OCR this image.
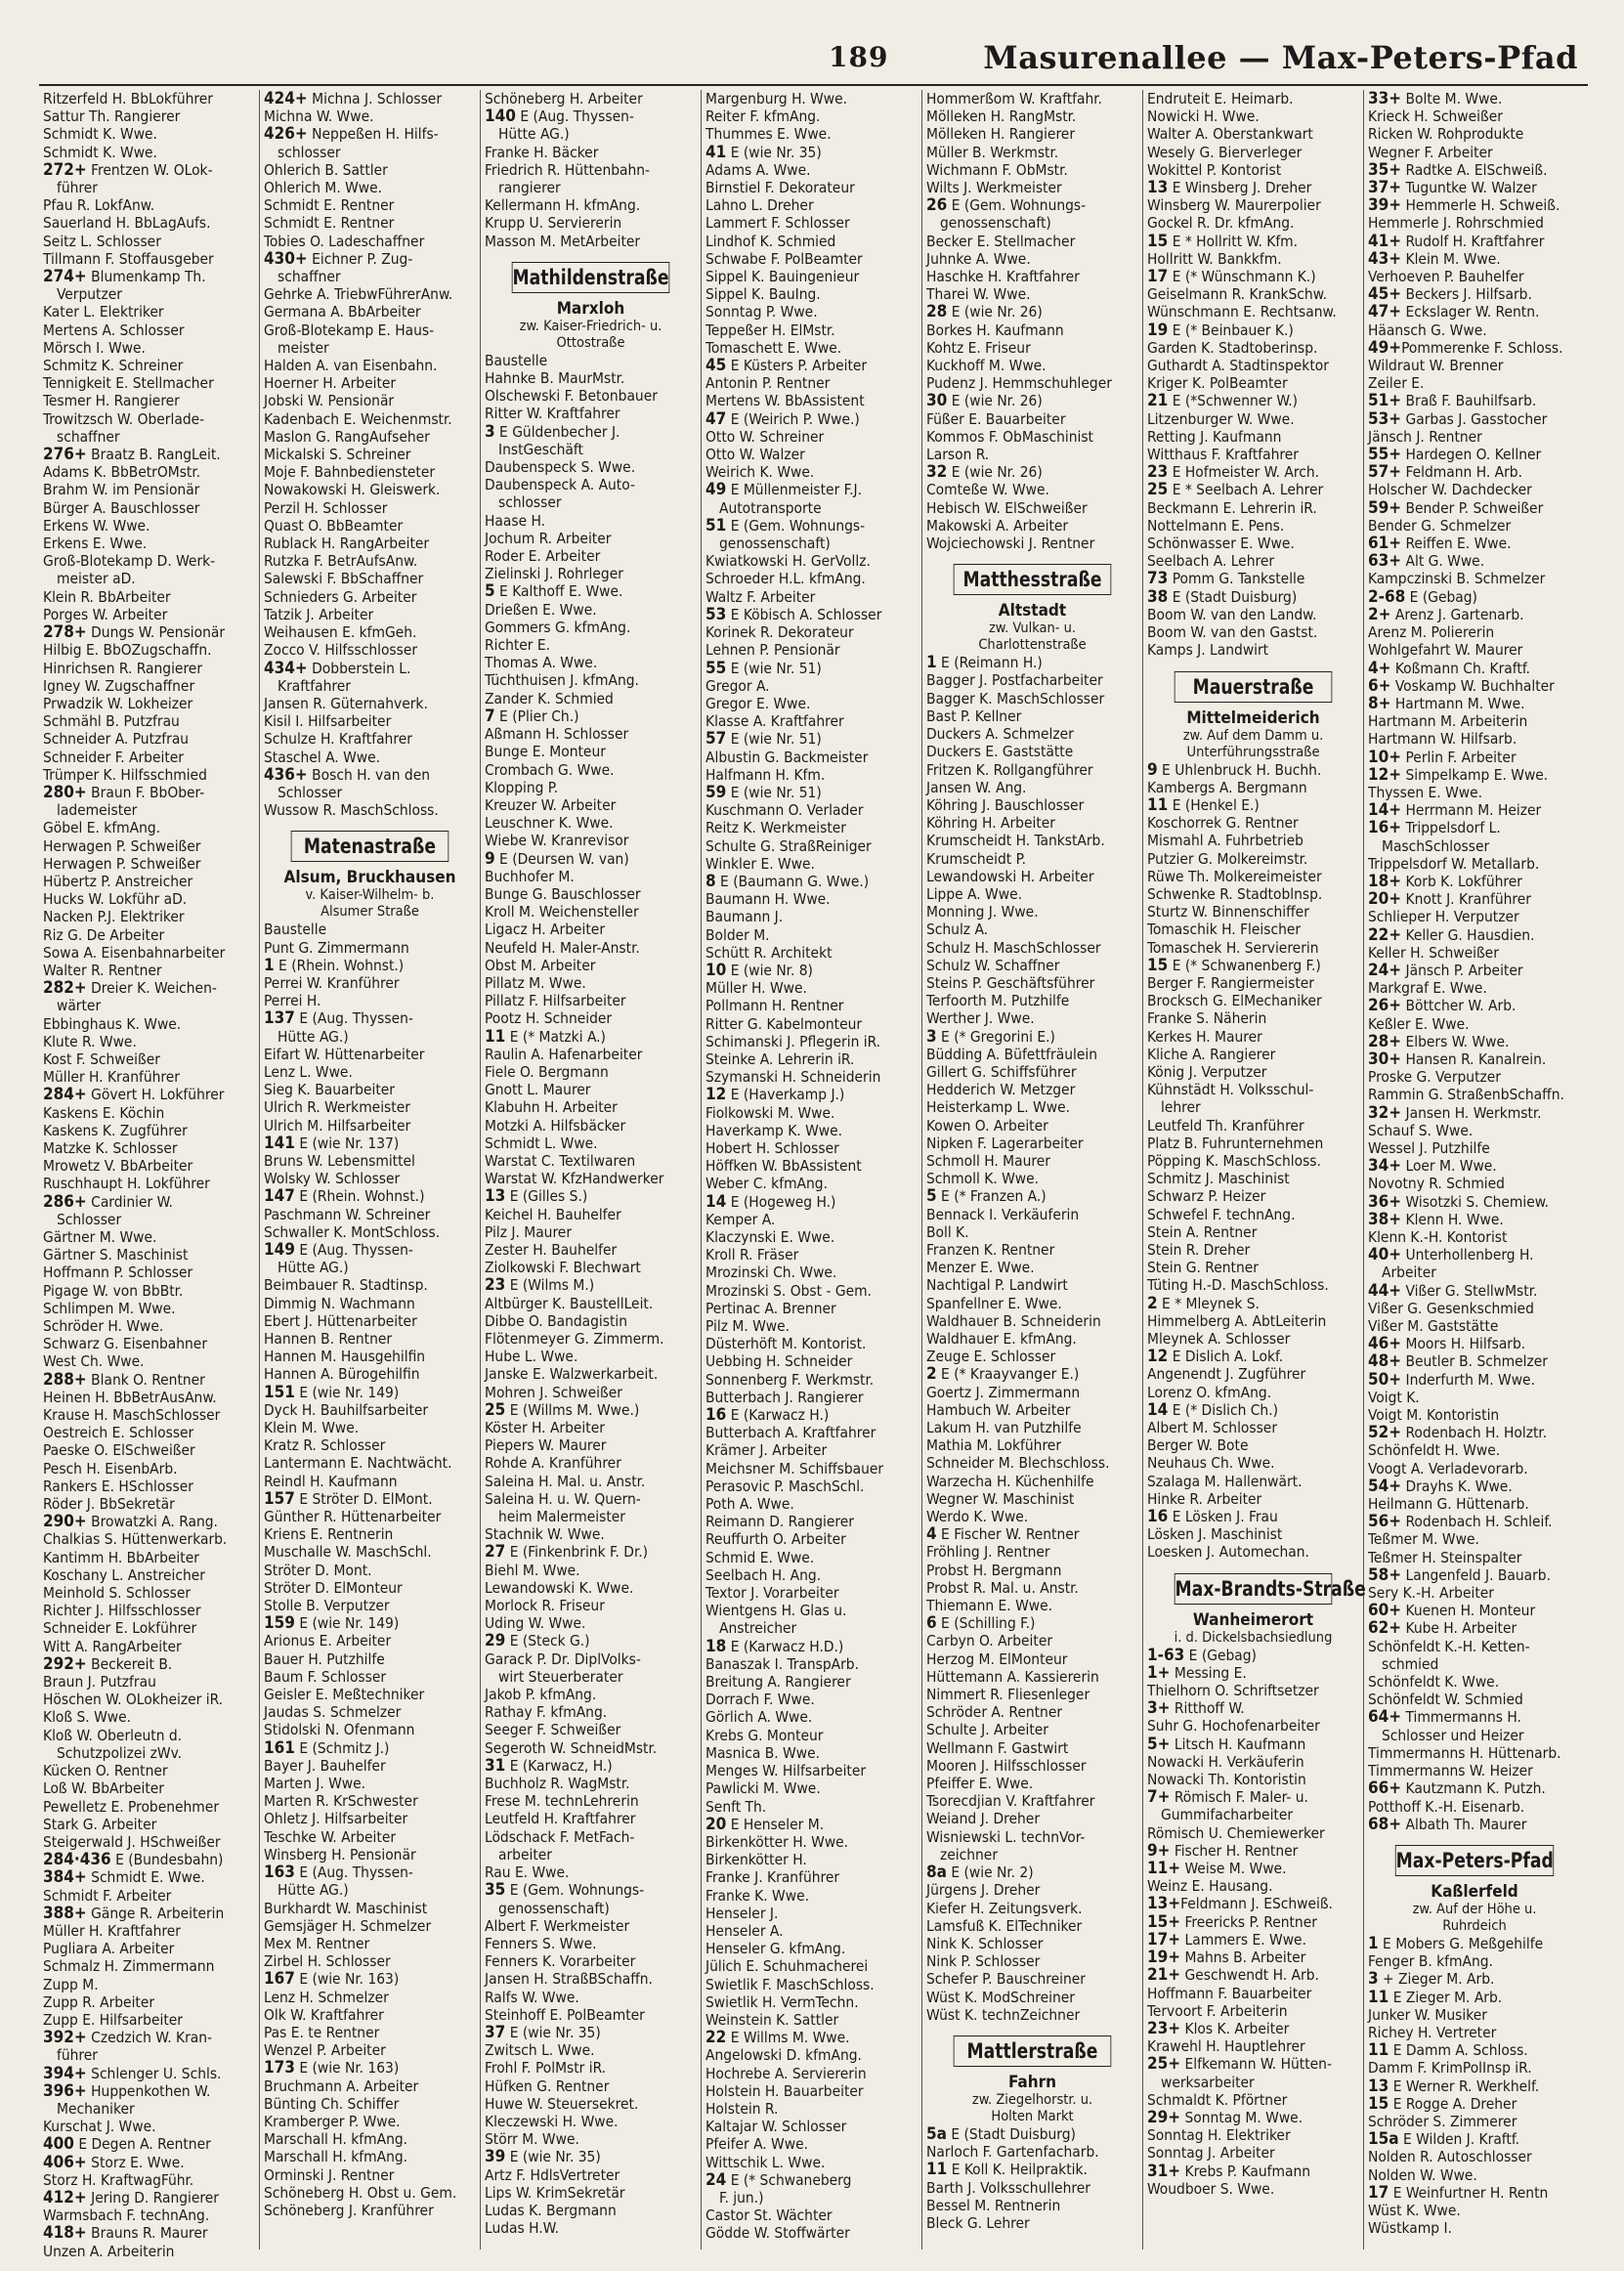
189	Masurenallee — Max-Peters-Pfad
Ritzerfeld H. BbLokführer
Sattur Th. Rangierer
Schmidt K. Wwe.
Schmidt K. Wwe.
272+ Frentzen W. OLok-
führer
Pfau R. LokfAnw.
Sauerland H. BbLagAufs.
Seitz L. Schlosser
Tillmann F. Stoffausgeber
274+ Blumenkamp Th.
Verputzer
Kater L. Elektriker
Mertens A. Schlosser
Mörsch I. Wwe.
Schmitz K. Schreiner
Tennigkeit E. Stellmacher
Tesmer H. Rangierer
Trowitzsch W. Oberlade-
schaffner
276+ Braatz B. RangLeit.
Adams K. BbBetrOMstr.
Brahm W. im Pensionär
Bürger A. Bauschlosser
Erkens W. Wwe.
Erkens E. Wwe.
Groß-Blotekamp D. Werk-
meister aD.
Klein R. BbArbeiter
Porges W. Arbeiter
278+ Dungs W. Pensionär
Hilbig E. BbOZugschaffn.
Hinrichsen R. Rangierer
Igney W. Zugschaffner
Prwadzik W. Lokheizer
Schmähl B. Putzfrau
Schneider A. Putzfrau
Schneider F. Arbeiter
Trümper K. Hilfsschmied
280+ Braun F. BbOber-
lademeister
Göbel E. kfmAng.
Herwagen P. Schweißer
Herwagen P. Schweißer
Hübertz P. Anstreicher
Hucks W. Lokführ aD.
Nacken P.J. Elektriker
Riz G. De Arbeiter
Sowa A. Eisenbahnarbeiter
Walter R. Rentner
282+ Dreier K. Weichen-
wärter
Ebbinghaus K. Wwe.
Klute R. Wwe.
Kost F. Schweißer
Müller H. Kranführer
284+ Gövert H. Lokführer
Kaskens E. Köchin
Kaskens K. Zugführer
Matzke K. Schlosser
Mrowetz V. BbArbeiter
Ruschhaupt H. Lokführer
286+ Cardinier W.
Schlosser
Gärtner M. Wwe.
Gärtner S. Maschinist
Hoffmann P. Schlosser
Pigage W. von BbBtr.
Schlimpen M. Wwe.
Schröder H. Wwe.
Schwarz G. Eisenbahner
West Ch. Wwe.
288+ Blank O. Rentner
Heinen H. BbBetrAusAnw.
Krause H. MaschSchlosser
Oestreich E. Schlosser
Paeske O. ElSchweißer
Pesch H. EisenbArb.
Rankers E. HSchlosser
Röder J. BbSekretär
290+ Browatzki A. Rang.
Chalkias S. Hüttenwerkarb.
Kantimm H. BbArbeiter
Koschany L. Anstreicher
Meinhold S. Schlosser
Richter J. Hilfsschlosser
Schneider E. Lokführer
Witt A. RangArbeiter
292+ Beckereit B.
Braun J. Putzfrau
Höschen W. OLokheizer iR.
Kloß S. Wwe.
Kloß W. Oberleutn d.
Schutzpolizei zWv.
Kücken O. Rentner
Loß W. BbArbeiter
Pewelletz E. Probenehmer
Stark G. Arbeiter
Steigerwald J. HSchweißer
284·436 E (Bundesbahn)
384+ Schmidt E. Wwe.
Schmidt F. Arbeiter
388+ Gänge R. Arbeiterin
Müller H. Kraftfahrer
Pugliara A. Arbeiter
Schmalz H. Zimmermann
Zupp M.
Zupp R. Arbeiter
Zupp E. Hilfsarbeiter
392+ Czedzich W. Kran-
führer
394+ Schlenger U. Schls.
396+ Huppenkothen W.
Mechaniker
Kurschat J. Wwe.
400 E Degen A. Rentner
406+ Storz E. Wwe.
Storz H. KraftwagFühr.
412+ Jering D. Rangierer
Warmsbach F. technAng.
418+ Brauns R. Maurer
Unzen A. Arbeiterin
424+ Michna J. Schlosser
Michna W. Wwe.
426+ Neppeßen H. Hilfs-
schlosser
Ohlerich B. Sattler
Ohlerich M. Wwe.
Schmidt E. Rentner
Schmidt E. Rentner
Tobies O. Ladeschaffner
430+ Eichner P. Zug-
schaffner
Gehrke A. TriebwFührerAnw.
Germana A. BbArbeiter
Groß-Blotekamp E. Haus-
meister
Halden A. van Eisenbahn.
Hoerner H. Arbeiter
Jobski W. Pensionär
Kadenbach E. Weichenmstr.
Maslon G. RangAufseher
Mickalski S. Schreiner
Moje F. Bahnbediensteter
Nowakowski H. Gleiswerk.
Perzil H. Schlosser
Quast O. BbBeamter
Rublack H. RangArbeiter
Rutzka F. BetrAufsAnw.
Salewski F. BbSchaffner
Schnieders G. Arbeiter
Tatzik J. Arbeiter
Weihausen E. kfmGeh.
Zocco V. Hilfsschlosser
434+ Dobberstein L.
Kraftfahrer
Jansen R. Güternahverk.
Kisil I. Hilfsarbeiter
Schulze H. Kraftfahrer
Staschel A. Wwe.
436+ Bosch H. van den
Schlosser
Wussow R. MaschSchloss.
Matenastraße
Alsum, Bruckhausen
v. Kaiser-Wilhelm- b.
Alsumer Straße
Baustelle
Punt G. Zimmermann
1 E (Rhein. Wohnst.)
Perrei W. Kranführer
Perrei H.
137 E (Aug. Thyssen-
Hütte AG.)
Eifart W. Hüttenarbeiter
Lenz L. Wwe.
Sieg K. Bauarbeiter
Ulrich R. Werkmeister
Ulrich M. Hilfsarbeiter
141 E (wie Nr. 137)
Bruns W. Lebensmittel
Wolsky W. Schlosser
147 E (Rhein. Wohnst.)
Paschmann W. Schreiner
Schwaller K. MontSchloss.
149 E (Aug. Thyssen-
Hütte AG.)
Beimbauer R. Stadtinsp.
Dimmig N. Wachmann
Ebert J. Hüttenarbeiter
Hannen B. Rentner
Hannen M. Hausgehilfin
Hannen A. Bürogehilfin
151 E (wie Nr. 149)
Dyck H. Bauhilfsarbeiter
Klein M. Wwe.
Kratz R. Schlosser
Lantermann E. Nachtwächt.
Reindl H. Kaufmann
157 E Ströter D. ElMont.
Günther R. Hüttenarbeiter
Kriens E. Rentnerin
Muschalle W. MaschSchl.
Ströter D. Mont.
Ströter D. ElMonteur
Stolle B. Verputzer
159 E (wie Nr. 149)
Arionus E. Arbeiter
Bauer H. Putzhilfe
Baum F. Schlosser
Geisler E. Meßtechniker
Jaudas S. Schmelzer
Stidolski N. Ofenmann
161 E (Schmitz J.)
Bayer J. Bauhelfer
Marten J. Wwe.
Marten R. KrSchwester
Ohletz J. Hilfsarbeiter
Teschke W. Arbeiter
Winsberg H. Pensionär
163 E (Aug. Thyssen-
Hütte AG.)
Burkhardt W. Maschinist
Gemsjäger H. Schmelzer
Mex M. Rentner
Zirbel H. Schlosser
167 E (wie Nr. 163)
Lenz H. Schmelzer
Olk W. Kraftfahrer
Pas E. te Rentner
Wenzel P. Arbeiter
173 E (wie Nr. 163)
Bruchmann A. Arbeiter
Bünting Ch. Schiffer
Kramberger P. Wwe.
Marschall H. kfmAng.
Marschall H. kfmAng.
Orminski J. Rentner
Schöneberg H. Obst u. Gem.
Schöneberg J. Kranführer
Schöneberg H. Arbeiter
140 E (Aug. Thyssen-
Hütte AG.)
Franke H. Bäcker
Friedrich R. Hüttenbahn-
rangierer
Kellermann H. kfmAng.
Krupp U. Serviererin
Masson M. MetArbeiter
Mathildenstraße
Marxloh
zw. Kaiser-Friedrich- u.
Ottostraße
Baustelle
Hahnke B. MaurMstr.
Olschewski F. Betonbauer
Ritter W. Kraftfahrer
3 E Güldenbecher J.
InstGeschäft
Daubenspeck S. Wwe.
Daubenspeck A. Auto-
schlosser
Haase H.
Jochum R. Arbeiter
Roder E. Arbeiter
Zielinski J. Rohrleger
5 E Kalthoff E. Wwe.
Drießen E. Wwe.
Gommers G. kfmAng.
Richter E.
Thomas A. Wwe.
Tüchthuisen J. kfmAng.
Zander K. Schmied
7 E (Plier Ch.)
Aßmann H. Schlosser
Bunge E. Monteur
Crombach G. Wwe.
Klopping P.
Kreuzer W. Arbeiter
Leuschner K. Wwe.
Wiebe W. Kranrevisor
9 E (Deursen W. van)
Buchhofer M.
Bunge G. Bauschlosser
Kroll M. Weichensteller
Ligacz H. Arbeiter
Neufeld H. Maler-Anstr.
Obst M. Arbeiter
Pillatz M. Wwe.
Pillatz F. Hilfsarbeiter
Pootz H. Schneider
11 E (* Matzki A.)
Raulin A. Hafenarbeiter
Fiele O. Bergmann
Gnott L. Maurer
Klabuhn H. Arbeiter
Motzki A. Hilfsbäcker
Schmidt L. Wwe.
Warstat C. Textilwaren
Warstat W. KfzHandwerker
13 E (Gilles S.)
Keichel H. Bauhelfer
Pilz J. Maurer
Zester H. Bauhelfer
Ziolkowski F. Blechwart
23 E (Wilms M.)
Altbürger K. BaustellLeit.
Dibbe O. Bandagistin
Flötenmeyer G. Zimmerm.
Hube L. Wwe.
Janske E. Walzwerkarbeit.
Mohren J. Schweißer
25 E (Willms M. Wwe.)
Köster H. Arbeiter
Piepers W. Maurer
Rohde A. Kranführer
Saleina H. Mal. u. Anstr.
Saleina H. u. W. Quern-
heim Malermeister
Stachnik W. Wwe.
27 E (Finkenbrink F. Dr.)
Biehl M. Wwe.
Lewandowski K. Wwe.
Morlock R. Friseur
Uding W. Wwe.
29 E (Steck G.)
Garack P. Dr. DiplVolks-
wirt Steuerberater
Jakob P. kfmAng.
Rathay F. kfmAng.
Seeger F. Schweißer
Segeroth W. SchneidMstr.
31 E (Karwacz, H.)
Buchholz R. WagMstr.
Frese M. technLehrerin
Leutfeld H. Kraftfahrer
Lödschack F. MetFach-
arbeiter
Rau E. Wwe.
35 E (Gem. Wohnungs-
genossenschaft)
Albert F. Werkmeister
Fenners S. Wwe.
Fenners K. Vorarbeiter
Jansen H. StraßBSchaffn.
Ralfs W. Wwe.
Steinhoff E. PolBeamter
37 E (wie Nr. 35)
Zwitsch L. Wwe.
Frohl F. PolMstr iR.
Hüfken G. Rentner
Huwe W. Steuersekret.
Kleczewski H. Wwe.
Störr M. Wwe.
39 E (wie Nr. 35)
Artz F. HdlsVertreter
Lips W. KrimSekretär
Ludas K. Bergmann
Ludas H.W.
Margenburg H. Wwe.
Reiter F. kfmAng.
Thummes E. Wwe.
41 E (wie Nr. 35)
Adams A. Wwe.
Birnstiel F. Dekorateur
Lahno L. Dreher
Lammert F. Schlosser
Lindhof K. Schmied
Schwabe F. PolBeamter
Sippel K. Bauingenieur
Sippel K. BauIng.
Sonntag P. Wwe.
Teppeßer H. ElMstr.
Tomaschett E. Wwe.
45 E Küsters P. Arbeiter
Antonin P. Rentner
Mertens W. BbAssistent
47 E (Weirich P. Wwe.)
Otto W. Schreiner
Otto W. Walzer
Weirich K. Wwe.
49 E Müllenmeister F.J.
Autotransporte
51 E (Gem. Wohnungs-
genossenschaft)
Kwiatkowski H. GerVollz.
Schroeder H.L. kfmAng.
Waltz F. Arbeiter
53 E Köbisch A. Schlosser
Korinek R. Dekorateur
Lehnen P. Pensionär
55 E (wie Nr. 51)
Gregor A.
Gregor E. Wwe.
Klasse A. Kraftfahrer
57 E (wie Nr. 51)
Albustin G. Backmeister
Halfmann H. Kfm.
59 E (wie Nr. 51)
Kuschmann O. Verlader
Reitz K. Werkmeister
Schulte G. StraßReiniger
Winkler E. Wwe.
8 E (Baumann G. Wwe.)
Baumann H. Wwe.
Baumann J.
Bolder M.
Schütt R. Architekt
10 E (wie Nr. 8)
Müller H. Wwe.
Pollmann H. Rentner
Ritter G. Kabelmonteur
Schimanski J. Pflegerin iR.
Steinke A. Lehrerin iR.
Szymanski H. Schneiderin
12 E (Haverkamp J.)
Fiolkowski M. Wwe.
Haverkamp K. Wwe.
Hobert H. Schlosser
Höffken W. BbAssistent
Weber C. kfmAng.
14 E (Hogeweg H.)
Kemper A.
Klaczynski E. Wwe.
Kroll R. Fräser
Mrozinski Ch. Wwe.
Mrozinski S. Obst - Gem.
Pertinac A. Brenner
Pilz M. Wwe.
Düsterhöft M. Kontorist.
Uebbing H. Schneider
Sonnenberg F. Werkmstr.
Butterbach J. Rangierer
16 E (Karwacz H.)
Butterbach A. Kraftfahrer
Krämer J. Arbeiter
Meichsner M. Schiffsbauer
Perasovic P. MaschSchl.
Poth A. Wwe.
Reimann D. Rangierer
Reuffurth O. Arbeiter
Schmid E. Wwe.
Seelbach H. Ang.
Textor J. Vorarbeiter
Wientgens H. Glas u.
Anstreicher
18 E (Karwacz H.D.)
Banaszak I. TranspArb.
Breitung A. Rangierer
Dorrach F. Wwe.
Görlich A. Wwe.
Krebs G. Monteur
Masnica B. Wwe.
Menges W. Hilfsarbeiter
Pawlicki M. Wwe.
Senft Th.
20 E Henseler M.
Birkenkötter H. Wwe.
Birkenkötter H.
Franke J. Kranführer
Franke K. Wwe.
Henseler J.
Henseler A.
Henseler G. kfmAng.
Jülich E. Schuhmacherei
Swietlik F. MaschSchloss.
Swietlik H. VermTechn.
Weinstein K. Sattler
22 E Willms M. Wwe.
Angelowski D. kfmAng.
Hochrebe A. Serviererin
Holstein H. Bauarbeiter
Holstein R.
Kaltajar W. Schlosser
Pfeifer A. Wwe.
Wittschik L. Wwe.
24 E (* Schwaneberg
F. jun.)
Castor St. Wächter
Gödde W. Stoffwärter
Hommerßom W. Kraftfahr.
Mölleken H. RangMstr.
Mölleken H. Rangierer
Müller B. Werkmstr.
Wichmann F. ObMstr.
Wilts J. Werkmeister
26 E (Gem. Wohnungs-
genossenschaft)
Becker E. Stellmacher
Juhnke A. Wwe.
Haschke H. Kraftfahrer
Tharei W. Wwe.
28 E (wie Nr. 26)
Borkes H. Kaufmann
Kohtz E. Friseur
Kuckhoff M. Wwe.
Pudenz J. Hemmschuhleger
30 E (wie Nr. 26)
Füßer E. Bauarbeiter
Kommos F. ObMaschinist
Larson R.
32 E (wie Nr. 26)
Comteße W. Wwe.
Hebisch W. ElSchweißer
Makowski A. Arbeiter
Wojciechowski J. Rentner
Matthesstraße
Altstadt
zw. Vulkan- u.
Charlottenstraße
1 E (Reimann H.)
Bagger J. Postfacharbeiter
Bagger K. MaschSchlosser
Bast P. Kellner
Duckers A. Schmelzer
Duckers E. Gaststätte
Fritzen K. Rollgangführer
Jansen W. Ang.
Köhring J. Bauschlosser
Köhring H. Arbeiter
Krumscheidt H. TankstArb.
Krumscheidt P.
Lewandowski H. Arbeiter
Lippe A. Wwe.
Monning J. Wwe.
Schulz A.
Schulz H. MaschSchlosser
Schulz W. Schaffner
Steins P. Geschäftsführer
Terfoorth M. Putzhilfe
Werther J. Wwe.
3 E (* Gregorini E.)
Büdding A. Büfettfräulein
Gillert G. Schiffsführer
Hedderich W. Metzger
Heisterkamp L. Wwe.
Kowen O. Arbeiter
Nipken F. Lagerarbeiter
Schmoll H. Maurer
Schmoll K. Wwe.
5 E (* Franzen A.)
Bennack I. Verkäuferin
Boll K.
Franzen K. Rentner
Menzer E. Wwe.
Nachtigal P. Landwirt
Spanfellner E. Wwe.
Waldhauer B. Schneiderin
Waldhauer E. kfmAng.
Zeuge E. Schlosser
2 E (* Kraayvanger E.)
Goertz J. Zimmermann
Hambuch W. Arbeiter
Lakum H. van Putzhilfe
Mathia M. Lokführer
Schneider M. Blechschloss.
Warzecha H. Küchenhilfe
Wegner W. Maschinist
Werdo K. Wwe.
4 E Fischer W. Rentner
Fröhling J. Rentner
Probst H. Bergmann
Probst R. Mal. u. Anstr.
Thiemann E. Wwe.
6 E (Schilling F.)
Carbyn O. Arbeiter
Herzog M. ElMonteur
Hüttemann A. Kassiererin
Nimmert R. Fliesenleger
Schröder A. Rentner
Schulte J. Arbeiter
Wellmann F. Gastwirt
Mooren J. Hilfsschlosser
Pfeiffer E. Wwe.
Tsorecdjian V. Kraftfahrer
Weiand J. Dreher
Wisniewski L. technVor-
zeichner
8a E (wie Nr. 2)
Jürgens J. Dreher
Kiefer H. Zeitungsverk.
Lamsfuß K. ElTechniker
Nink K. Schlosser
Nink P. Schlosser
Schefer P. Bauschreiner
Wüst K. ModSchreiner
Wüst K. technZeichner
Mattlerstraße
Fahrn
zw. Ziegelhorstr. u.
Holten Markt
5a E (Stadt Duisburg)
Narloch F. Gartenfacharb.
11 E Koll K. Heilpraktik.
Barth J. Volksschullehrer
Bessel M. Rentnerin
Bleck G. Lehrer
Endruteit E. Heimarb.
Nowicki H. Wwe.
Walter A. Oberstankwart
Wesely G. Bierverleger
Wokittel P. Kontorist
13 E Winsberg J. Dreher
Winsberg W. Maurerpolier
Gockel R. Dr. kfmAng.
15 E * Hollritt W. Kfm.
Hollritt W. Bankkfm.
17 E (* Wünschmann K.)
Geiselmann R. KrankSchw.
Wünschmann E. Rechtsanw.
19 E (* Beinbauer K.)
Garden K. Stadtoberinsp.
Guthardt A. Stadtinspektor
Kriger K. PolBeamter
21 E (*Schwenner W.)
Litzenburger W. Wwe.
Retting J. Kaufmann
Witthaus F. Kraftfahrer
23 E Hofmeister W. Arch.
25 E * Seelbach A. Lehrer
Beckmann E. Lehrerin iR.
Nottelmann E. Pens.
Schönwasser E. Wwe.
Seelbach A. Lehrer
73 Pomm G. Tankstelle
38 E (Stadt Duisburg)
Boom W. van den Landw.
Boom W. van den Gastst.
Kamps J. Landwirt
Mauerstraße
Mittelmeiderich
zw. Auf dem Damm u.
Unterführungsstraße
9 E Uhlenbruck H. Buchh.
Kambergs A. Bergmann
11 E (Henkel E.)
Koschorrek G. Rentner
Mismahl A. Fuhrbetrieb
Putzier G. Molkereimstr.
Rüwe Th. Molkereimeister
Schwenke R. Stadtoblnsp.
Sturtz W. Binnenschiffer
Tomaschik H. Fleischer
Tomaschek H. Serviererin
15 E (* Schwanenberg F.)
Berger F. Rangiermeister
Brocksch G. ElMechaniker
Franke S. Näherin
Kerkes H. Maurer
Kliche A. Rangierer
König J. Verputzer
Kühnstädt H. Volksschul-
lehrer
Leutfeld Th. Kranführer
Platz B. Fuhrunternehmen
Pöpping K. MaschSchloss.
Schmitz J. Maschinist
Schwarz P. Heizer
Schwefel F. technAng.
Stein A. Rentner
Stein R. Dreher
Stein G. Rentner
Tüting H.-D. MaschSchloss.
2 E * Mleynek S.
Himmelberg A. AbtLeiterin
Mleynek A. Schlosser
12 E Dislich A. Lokf.
Angenendt J. Zugführer
Lorenz O. kfmAng.
14 E (* Dislich Ch.)
Albert M. Schlosser
Berger W. Bote
Neuhaus Ch. Wwe.
Szalaga M. Hallenwärt.
Hinke R. Arbeiter
16 E Lösken J. Frau
Lösken J. Maschinist
Loesken J. Automechan.
Max-Brandts-Straße
Wanheimerort
i. d. Dickelsbachsiedlung
1-63 E (Gebag)
1+ Messing E.
Thielhorn O. Schriftsetzer
3+ Ritthoff W.
Suhr G. Hochofenarbeiter
5+ Litsch H. Kaufmann
Nowacki H. Verkäuferin
Nowacki Th. Kontoristin
7+ Römisch F. Maler- u.
Gummifacharbeiter
Römisch U. Chemiewerker
9+ Fischer H. Rentner
11+ Weise M. Wwe.
Weinz E. Hausang.
13+Feldmann J. ESchweiß.
15+ Freericks P. Rentner
17+ Lammers E. Wwe.
19+ Mahns B. Arbeiter
21+ Geschwendt H. Arb.
Hoffmann F. Bauarbeiter
Tervoort F. Arbeiterin
23+ Klos K. Arbeiter
Krawehl H. Hauptlehrer
25+ Elfkemann W. Hütten-
werksarbeiter
Schmaldt K. Pförtner
29+ Sonntag M. Wwe.
Sonntag H. Elektriker
Sonntag J. Arbeiter
31+ Krebs P. Kaufmann
Woudboer S. Wwe.
33+ Bolte M. Wwe.
Krieck H. Schweißer
Ricken W. Rohprodukte
Wegner F. Arbeiter
35+ Radtke A. ElSchweiß.
37+ Tuguntke W. Walzer
39+ Hemmerle H. Schweiß.
Hemmerle J. Rohrschmied
41+ Rudolf H. Kraftfahrer
43+ Klein M. Wwe.
Verhoeven P. Bauhelfer
45+ Beckers J. Hilfsarb.
47+ Eckslager W. Rentn.
Häansch G. Wwe.
49+Pommerenke F. Schloss.
Wildraut W. Brenner
Zeiler E.
51+ Braß F. Bauhilfsarb.
53+ Garbas J. Gasstocher
Jänsch J. Rentner
55+ Hardegen O. Kellner
57+ Feldmann H. Arb.
Holscher W. Dachdecker
59+ Bender P. Schweißer
Bender G. Schmelzer
61+ Reiffen E. Wwe.
63+ Alt G. Wwe.
Kampczinski B. Schmelzer
2-68 E (Gebag)
2+ Arenz J. Gartenarb.
Arenz M. Poliererin
Wohlgefahrt W. Maurer
4+ Koßmann Ch. Kraftf.
6+ Voskamp W. Buchhalter
8+ Hartmann M. Wwe.
Hartmann M. Arbeiterin
Hartmann W. Hilfsarb.
10+ Perlin F. Arbeiter
12+ Simpelkamp E. Wwe.
Thyssen E. Wwe.
14+ Herrmann M. Heizer
16+ Trippelsdorf L.
MaschSchlosser
Trippelsdorf W. Metallarb.
18+ Korb K. Lokführer
20+ Knott J. Kranführer
Schlieper H. Verputzer
22+ Keller G. Hausdien.
Keller H. Schweißer
24+ Jänsch P. Arbeiter
Markgraf E. Wwe.
26+ Böttcher W. Arb.
Keßler E. Wwe.
28+ Elbers W. Wwe.
30+ Hansen R. Kanalrein.
Proske G. Verputzer
Rammin G. StraßenbSchaffn.
32+ Jansen H. Werkmstr.
Schauf S. Wwe.
Wessel J. Putzhilfe
34+ Loer M. Wwe.
Novotny R. Schmied
36+ Wisotzki S. Chemiew.
38+ Klenn H. Wwe.
Klenn K.-H. Kontorist
40+ Unterhollenberg H.
Arbeiter
44+ Vißer G. StellwMstr.
Vißer G. Gesenkschmied
Vißer M. Gaststätte
46+ Moors H. Hilfsarb.
48+ Beutler B. Schmelzer
50+ Inderfurth M. Wwe.
Voigt K.
Voigt M. Kontoristin
52+ Rodenbach H. Holztr.
Schönfeldt H. Wwe.
Voogt A. Verladevorarb.
54+ Drayhs K. Wwe.
Heilmann G. Hüttenarb.
56+ Rodenbach H. Schleif.
Teßmer M. Wwe.
Teßmer H. Steinspalter
58+ Langenfeld J. Bauarb.
Sery K.-H. Arbeiter
60+ Kuenen H. Monteur
62+ Kube H. Arbeiter
Schönfeldt K.-H. Ketten-
schmied
Schönfeldt K. Wwe.
Schönfeldt W. Schmied
64+ Timmermanns H.
Schlosser und Heizer
Timmermanns H. Hüttenarb.
Timmermanns W. Heizer
66+ Kautzmann K. Putzh.
Potthoff K.-H. Eisenarb.
68+ Albath Th. Maurer
Max-Peters-Pfad
Kaßlerfeld
zw. Auf der Höhe u.
Ruhrdeich
1 E Mobers G. Meßgehilfe
Fenger B. kfmAng.
3 + Zieger M. Arb.
11 E Zieger M. Arb.
Junker W. Musiker
Richey H. Vertreter
11 E Damm A. Schloss.
Damm F. KrimPolInsp iR.
13 E Werner R. Werkhelf.
15 E Rogge A. Dreher
Schröder S. Zimmerer
15a E Wilden J. Kraftf.
Nolden R. Autoschlosser
Nolden W. Wwe.
17 E Weinfurtner H. Rentn
Wüst K. Wwe.
Wüstkamp I.
